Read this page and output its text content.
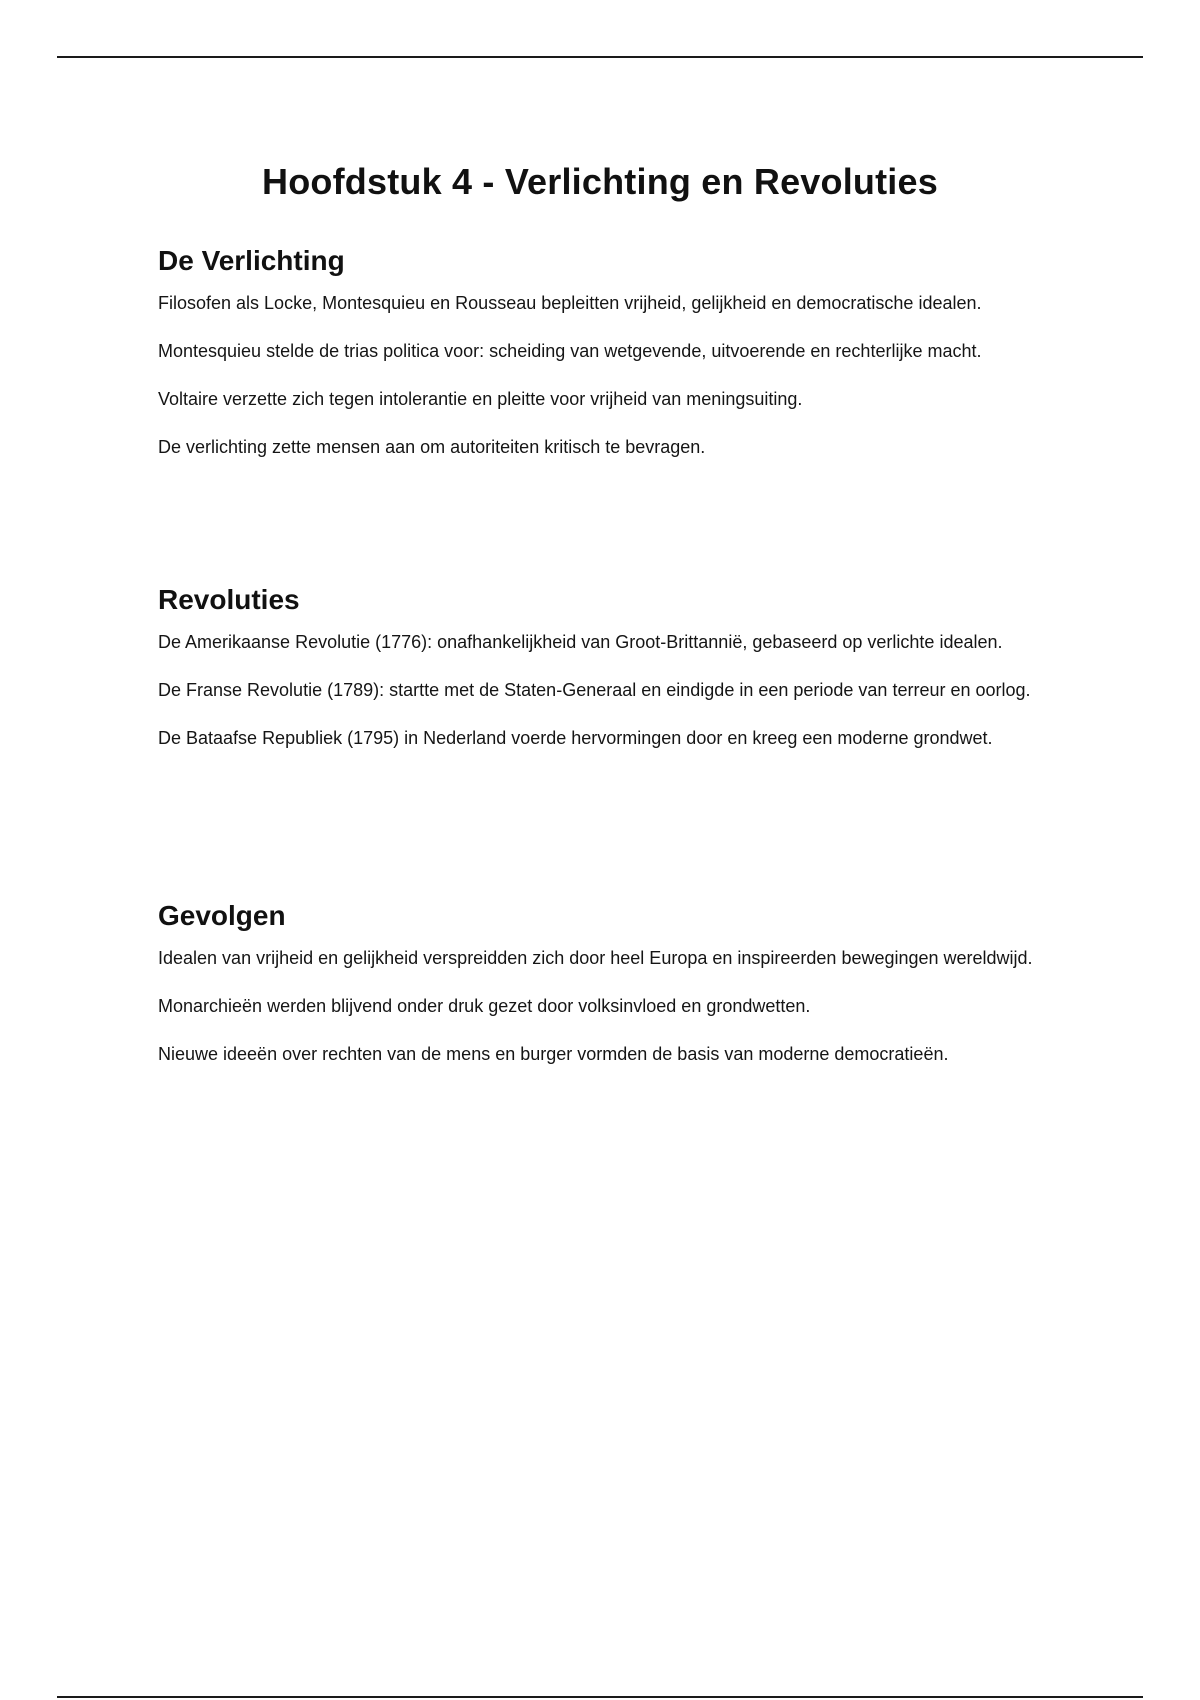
Hoofdstuk 4 - Verlichting en Revoluties
De Verlichting

Filosofen als Locke, Montesquieu en Rousseau bepleitten vrijheid, gelijkheid en democratische idealen.

Montesquieu stelde de trias politica voor: scheiding van wetgevende, uitvoerende en rechterlijke macht.

Voltaire verzette zich tegen intolerantie en pleitte voor vrijheid van meningsuiting.

De verlichting zette mensen aan om autoriteiten kritisch te bevragen.

Revoluties

De Amerikaanse Revolutie (1776): onafhankelijkheid van Groot-Brittannië, gebaseerd op verlichte idealen.

De Franse Revolutie (1789): startte met de Staten-Generaal en eindigde in een periode van terreur en oorlog.

De Bataafse Republiek (1795) in Nederland voerde hervormingen door en kreeg een moderne grondwet.

Gevolgen

Idealen van vrijheid en gelijkheid verspreidden zich door heel Europa en inspireerden bewegingen wereldwijd.

Monarchieën werden blijvend onder druk gezet door volksinvloed en grondwetten.

Nieuwe ideeën over rechten van de mens en burger vormden de basis van moderne democratieën.
